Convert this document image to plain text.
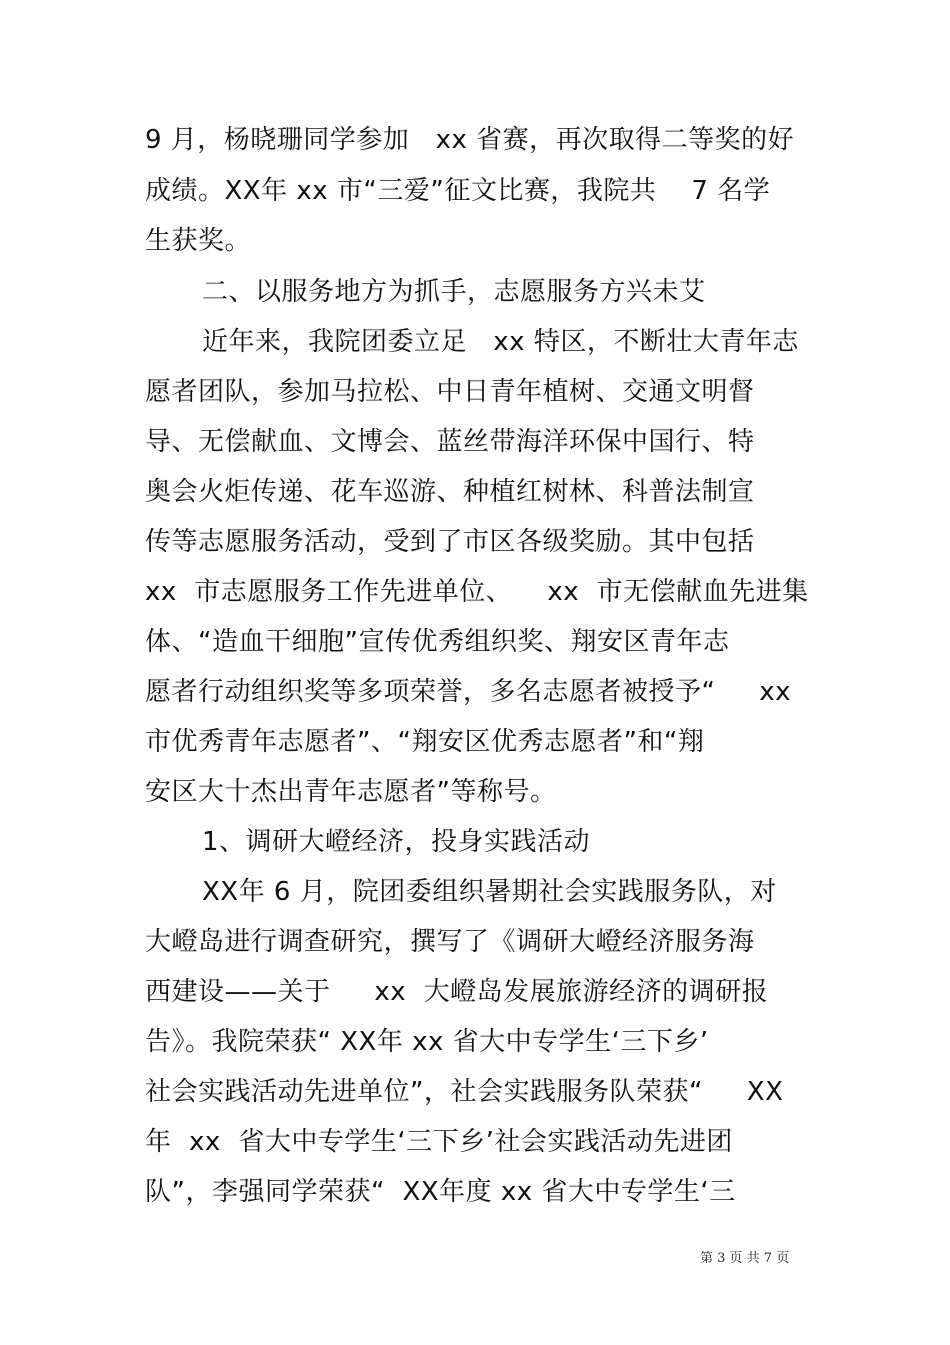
9 月，杨晓珊同学参加   xx 省赛，再次取得二等奖的好
成绩。XX年 xx 市“三爱”征文比赛，我院共    7 名学
生获奖。
二、以服务地方为抓手，志愿服务方兴未艾
近年来，我院团委立足   xx 特区，不断壮大青年志
愿者团队，参加马拉松、中日青年植树、交通文明督
导、无偿献血、文博会、蓝丝带海洋环保中国行、特
奥会火炬传递、花车巡游、种植红树林、科普法制宣
传等志愿服务活动，受到了市区各级奖励。其中包括
xx  市志愿服务工作先进单位、    xx  市无偿献血先进集
体、“造血干细胞”宣传优秀组织奖、翔安区青年志
愿者行动组织奖等多项荣誉，多名志愿者被授予“     xx
市优秀青年志愿者”、“翔安区优秀志愿者”和“翔
安区大十杰出青年志愿者”等称号。
1、调研大嶝经济，投身实践活动
XX年 6 月，院团委组织暑期社会实践服务队，对
大嶝岛进行调查研究，撰写了《调研大嶝经济服务海
西建设——关于     xx  大嶝岛发展旅游经济的调研报
告》。我院荣获“ XX年 xx 省大中专学生‘三下乡’
社会实践活动先进单位”，社会实践服务队荣获“     XX
年  xx  省大中专学生‘三下乡’社会实践活动先进团
队”，李强同学荣获“  XX年度 xx 省大中专学生‘三
第 3 页 共 7 页
